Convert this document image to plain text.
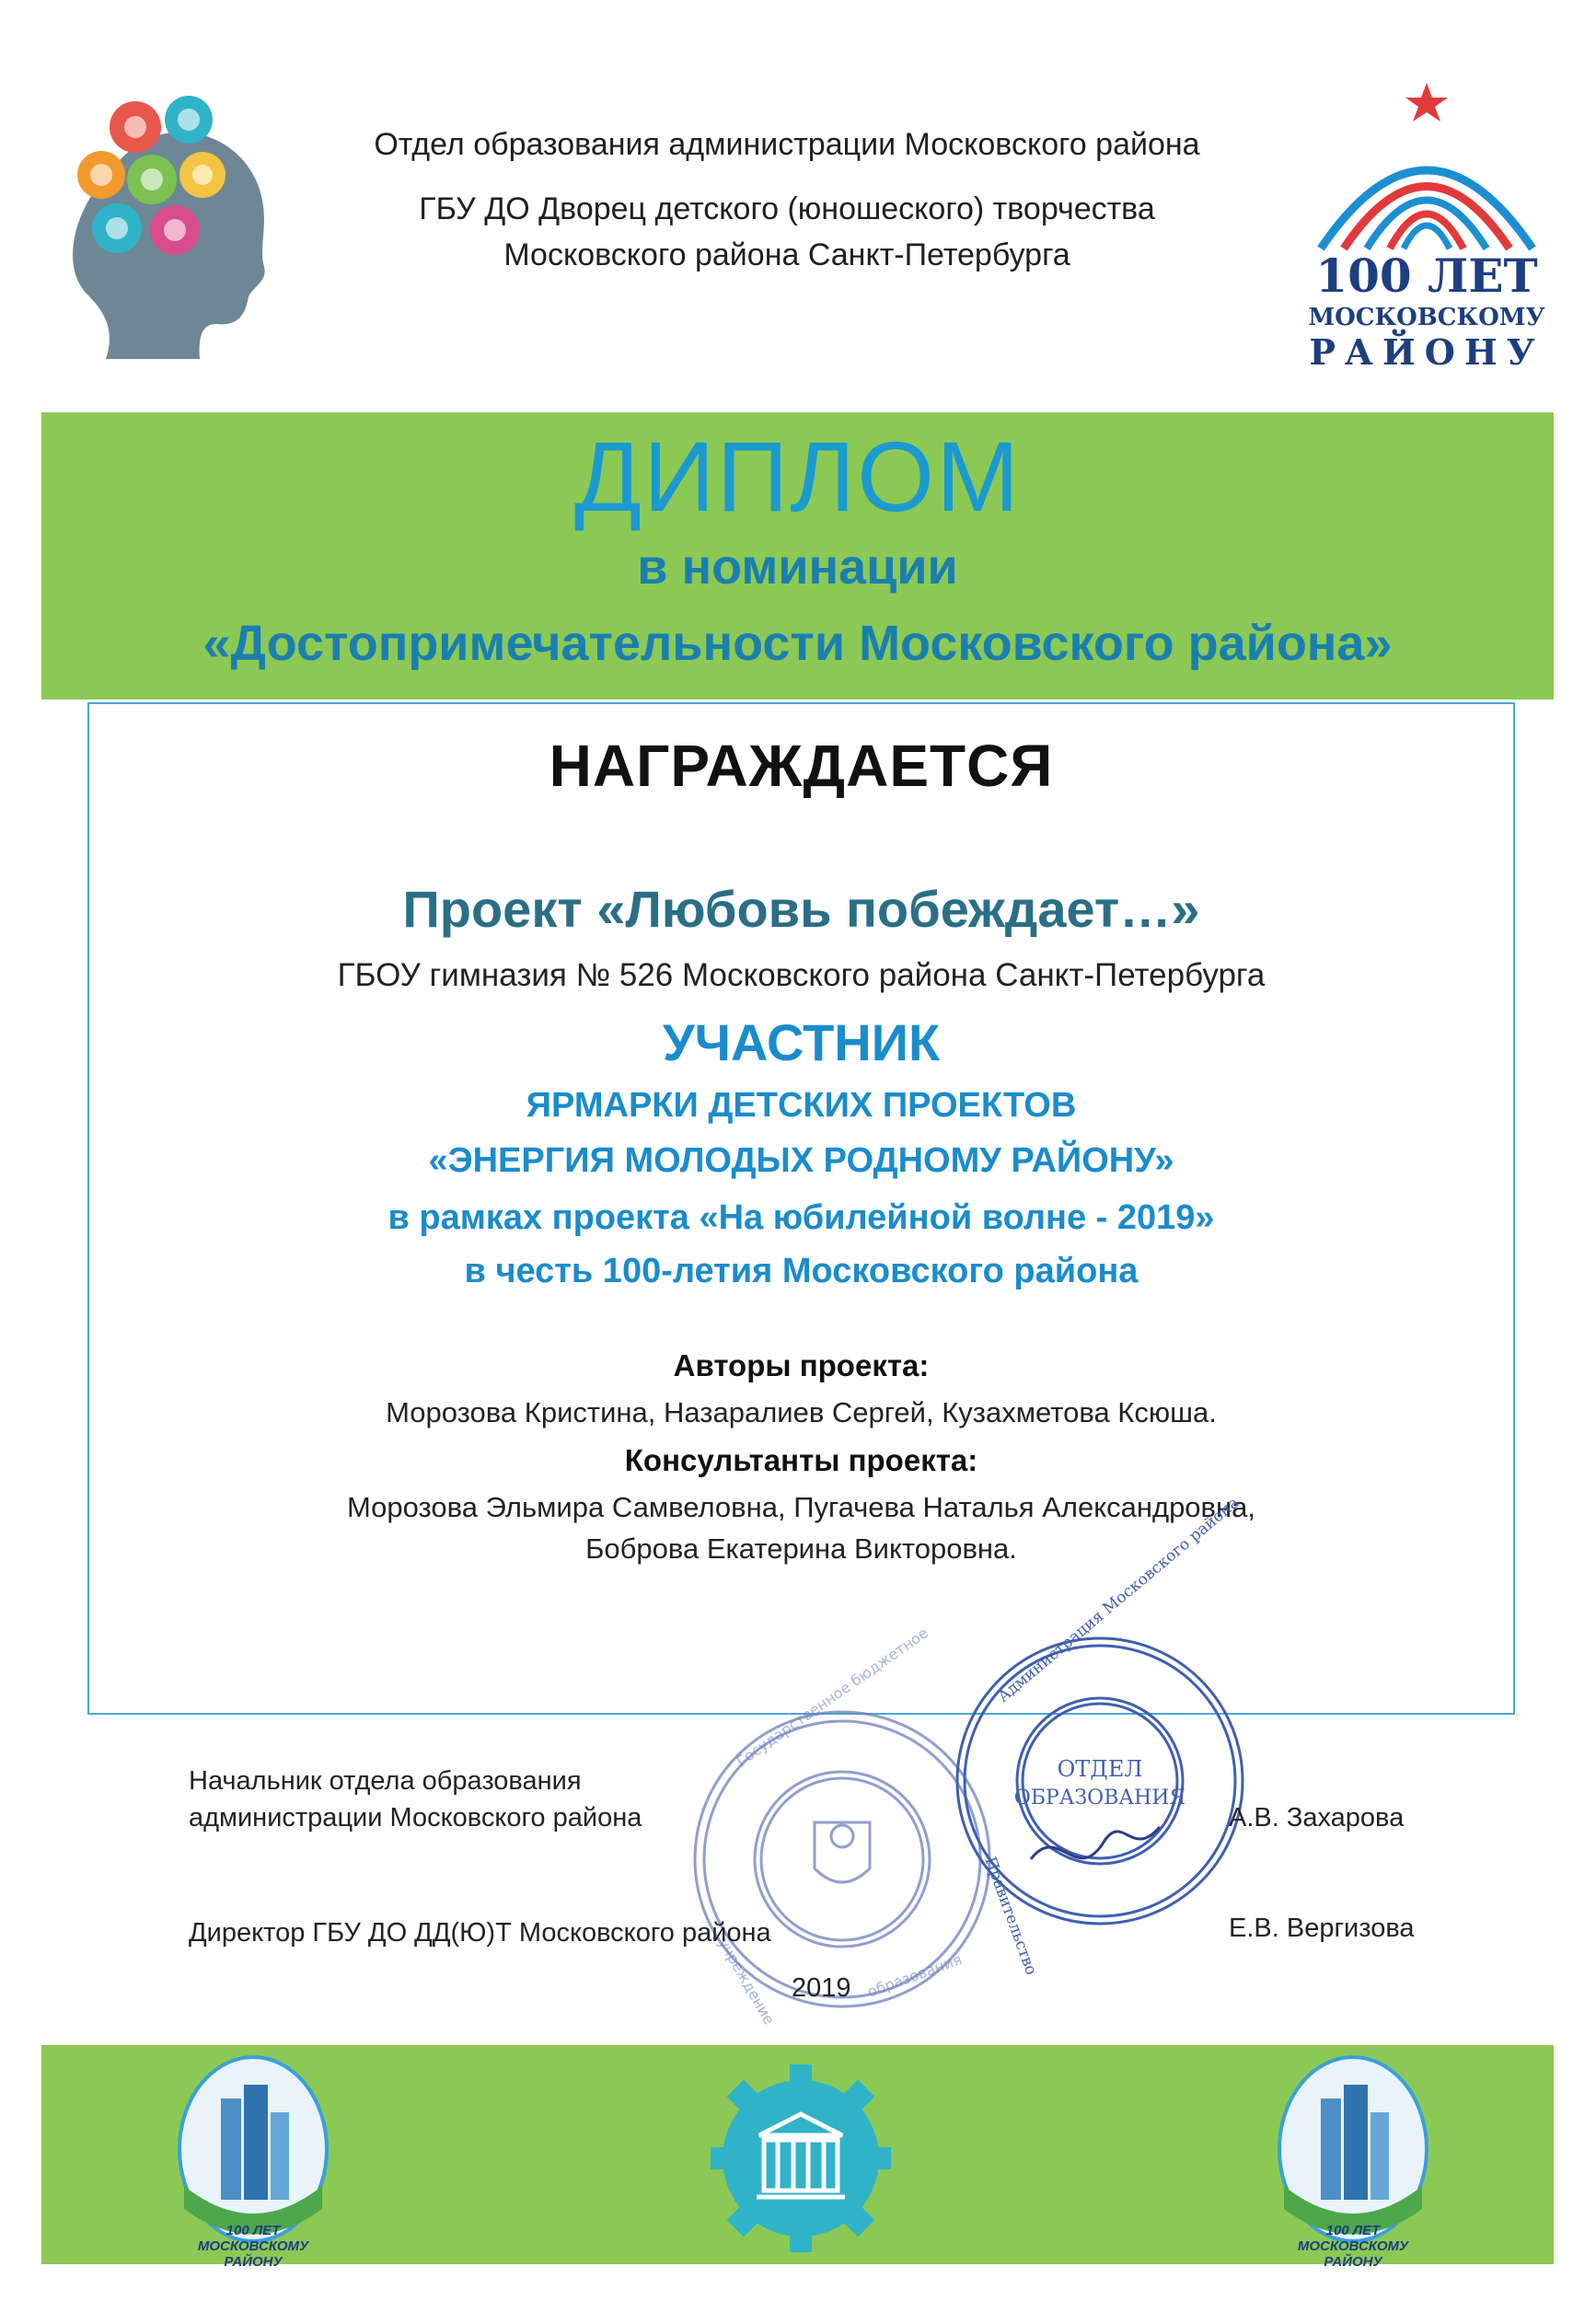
Отдел образования администрации Московского района
ГБУ ДО Дворец детского (юношеского) творчества
Московского района Санкт-Петербурга	100 ЛЕТ
МОСКОВСКОМУ
РАЙОНУ
ДИПЛОМ
в номинации
«Достопримечательности Московского района»
НАГРАЖДАЕТСЯ
Проект «Любовь побеждает…»
ГБОУ гимназия № 526 Московского района Санкт-Петербурга
УЧАСТНИК
ЯРМАРКИ ДЕТСКИХ ПРОЕКТОВ
«ЭНЕРГИЯ МОЛОДЫХ РОДНОМУ РАЙОНУ»
в рамках проекта «На юбилейной волне - 2019»
в честь 100-летия Московского района
Авторы проекта:
Морозова Кристина, Назаралиев Сергей, Кузахметова Ксюша.
Консультанты проекта:
Морозова Эльмира Самвеловна, Пугачева Наталья Александровна,
Боброва Екатерина Викторовна.
Государственное бюджетное
учреждение	образования
ОТДЕЛ
ОБРАЗОВАНИЯ
Администрация Московского района
Правительство
Начальник отдела образования
администрации Московского района	А.В. Захарова
Директор ГБУ ДО ДД(Ю)Т Московского района	Е.В. Вергизова
2019
100 ЛЕТ МОСКОВСКОМУ РАЙОНУ
100 ЛЕТ МОСКОВСКОМУ РАЙОНУ
